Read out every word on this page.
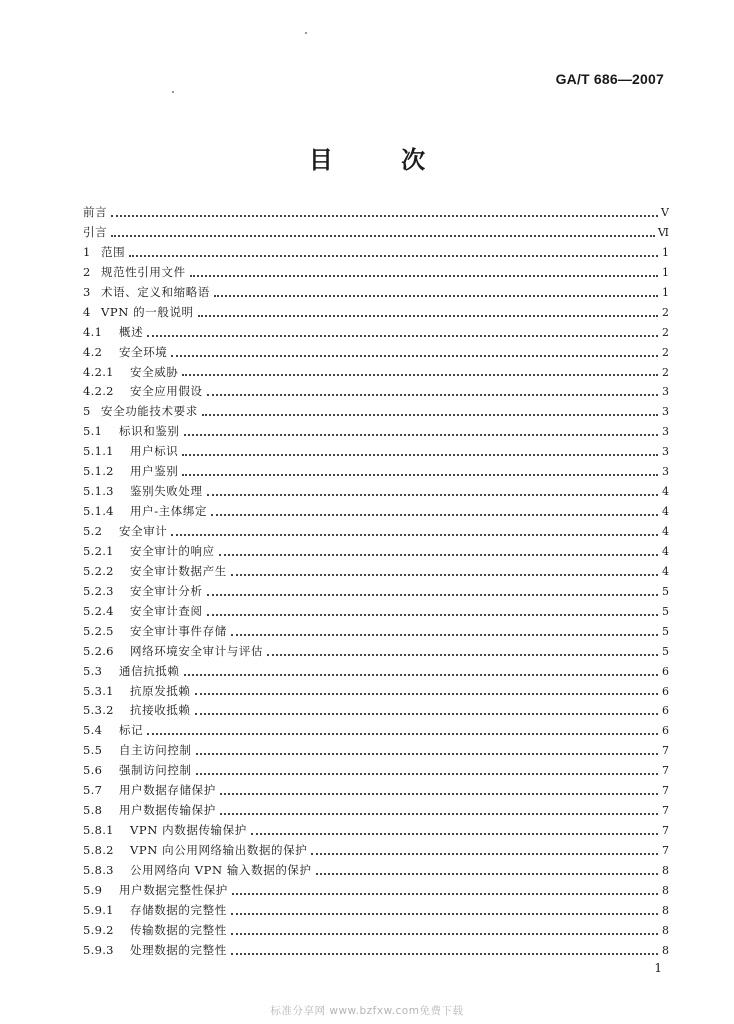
GA/T 686—2007
目 次
前言	V
引言	Ⅵ
1 范围	1
2 规范性引用文件	1
3 术语、定义和缩略语	1
4 VPN 的一般说明	2
4.1	概述	2
4.2	安全环境	2
4.2.1	安全威胁	2
4.2.2	安全应用假设	3
5 安全功能技术要求	3
5.1	标识和鉴别	3
5.1.1	用户标识	3
5.1.2	用户鉴别	3
5.1.3	鉴别失败处理	4
5.1.4	用户-主体绑定	4
5.2	安全审计	4
5.2.1	安全审计的响应	4
5.2.2	安全审计数据产生	4
5.2.3	安全审计分析	5
5.2.4	安全审计查阅	5
5.2.5	安全审计事件存储	5
5.2.6	网络环境安全审计与评估	5
5.3	通信抗抵赖	6
5.3.1	抗原发抵赖	6
5.3.2	抗接收抵赖	6
5.4	标记	6
5.5	自主访问控制	7
5.6	强制访问控制	7
5.7	用户数据存储保护	7
5.8	用户数据传输保护	7
5.8.1	VPN 内数据传输保护	7
5.8.2	VPN 向公用网络输出数据的保护	7
5.8.3	公用网络向 VPN 输入数据的保护	8
5.9	用户数据完整性保护	8
5.9.1	存储数据的完整性	8
5.9.2	传输数据的完整性	8
5.9.3	处理数据的完整性	8
1
标准分享网 www.bzfxw.com免费下载
